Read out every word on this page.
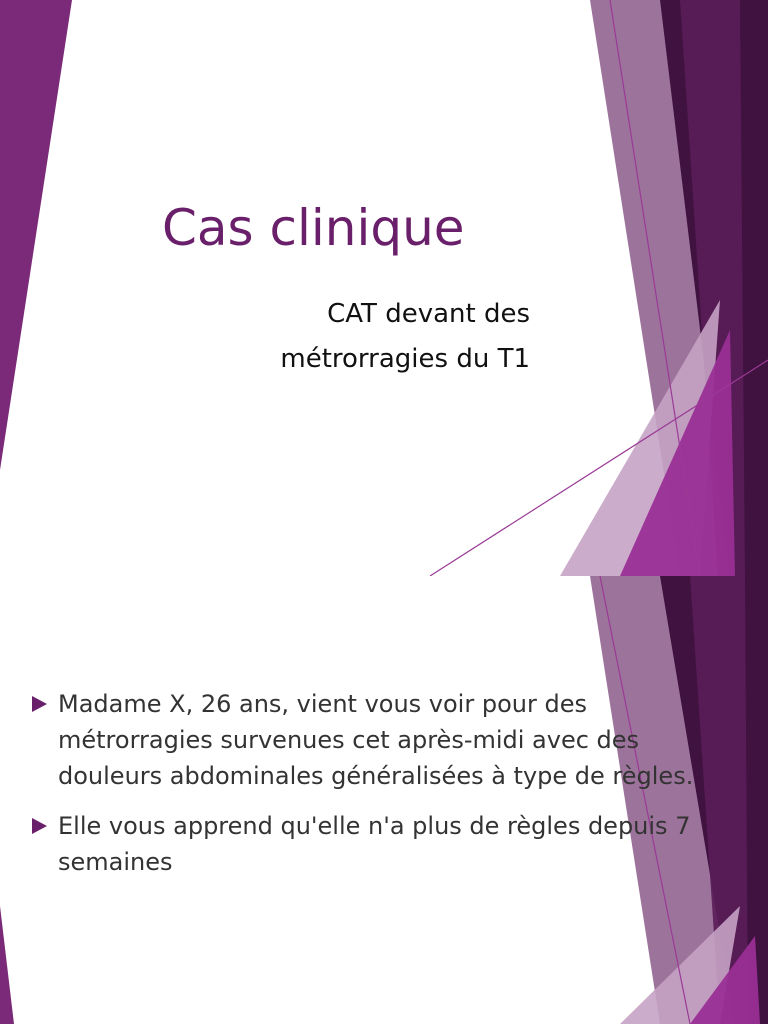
Cas clinique
CAT devant des
métrorragies du T1
Madame X, 26 ans, vient vous voir pour des métrorragies survenues cet après-midi avec des douleurs abdominales généralisées à type de règles.
Elle vous apprend qu'elle n'a plus de règles depuis 7 semaines
